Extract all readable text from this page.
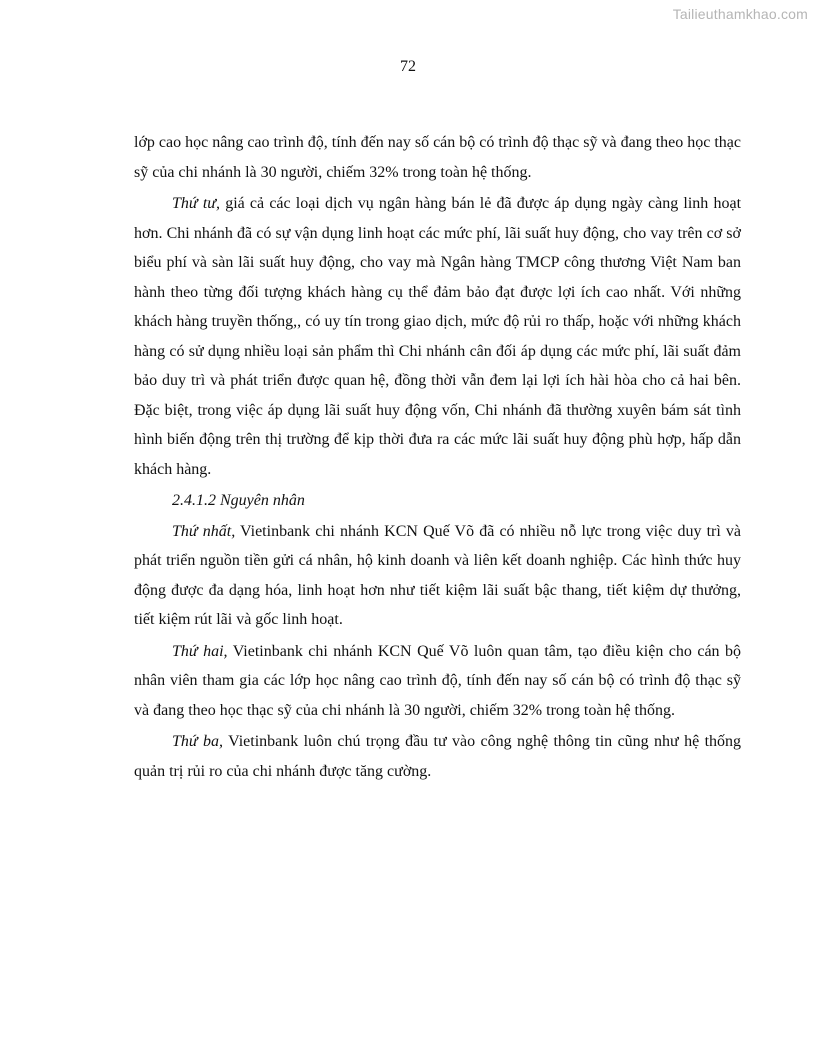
Tailieuthamkhao.com
72

lớp cao học nâng cao trình độ, tính đến nay số cán bộ có trình độ thạc sỹ và đang theo học thạc sỹ của chi nhánh là 30 người, chiếm 32% trong toàn hệ thống.

Thứ tư, giá cả các loại dịch vụ ngân hàng bán lẻ đã được áp dụng ngày càng linh hoạt hơn. Chi nhánh đã có sự vận dụng linh hoạt các mức phí, lãi suất huy động, cho vay trên cơ sở biểu phí và sàn lãi suất huy động, cho vay mà Ngân hàng TMCP công thương Việt Nam ban hành theo từng đối tượng khách hàng cụ thể đảm bảo đạt được lợi ích cao nhất. Với những khách hàng truyền thống,, có uy tín trong giao dịch, mức độ rủi ro thấp, hoặc với những khách hàng có sử dụng nhiều loại sản phẩm thì Chi nhánh cân đối áp dụng các mức phí, lãi suất đảm bảo duy trì và phát triển được quan hệ, đồng thời vẫn đem lại lợi ích hài hòa cho cả hai bên. Đặc biệt, trong việc áp dụng lãi suất huy động vốn, Chi nhánh đã thường xuyên bám sát tình hình biến động trên thị trường để kịp thời đưa ra các mức lãi suất huy động phù hợp, hấp dẫn khách hàng.

2.4.1.2 Nguyên nhân

Thứ nhất, Vietinbank chi nhánh KCN Quế Võ đã có nhiều nỗ lực trong việc duy trì và phát triển nguồn tiền gửi cá nhân, hộ kinh doanh và liên kết doanh nghiệp. Các hình thức huy động được đa dạng hóa, linh hoạt hơn như tiết kiệm lãi suất bậc thang, tiết kiệm dự thưởng, tiết kiệm rút lãi và gốc linh hoạt.

Thứ hai, Vietinbank chi nhánh KCN Quế Võ luôn quan tâm, tạo điều kiện cho cán bộ nhân viên tham gia các lớp học nâng cao trình độ, tính đến nay số cán bộ có trình độ thạc sỹ và đang theo học thạc sỹ của chi nhánh là 30 người, chiếm 32% trong toàn hệ thống.

Thứ ba, Vietinbank luôn chú trọng đầu tư vào công nghệ thông tin cũng như hệ thống quản trị rủi ro của chi nhánh được tăng cường.
